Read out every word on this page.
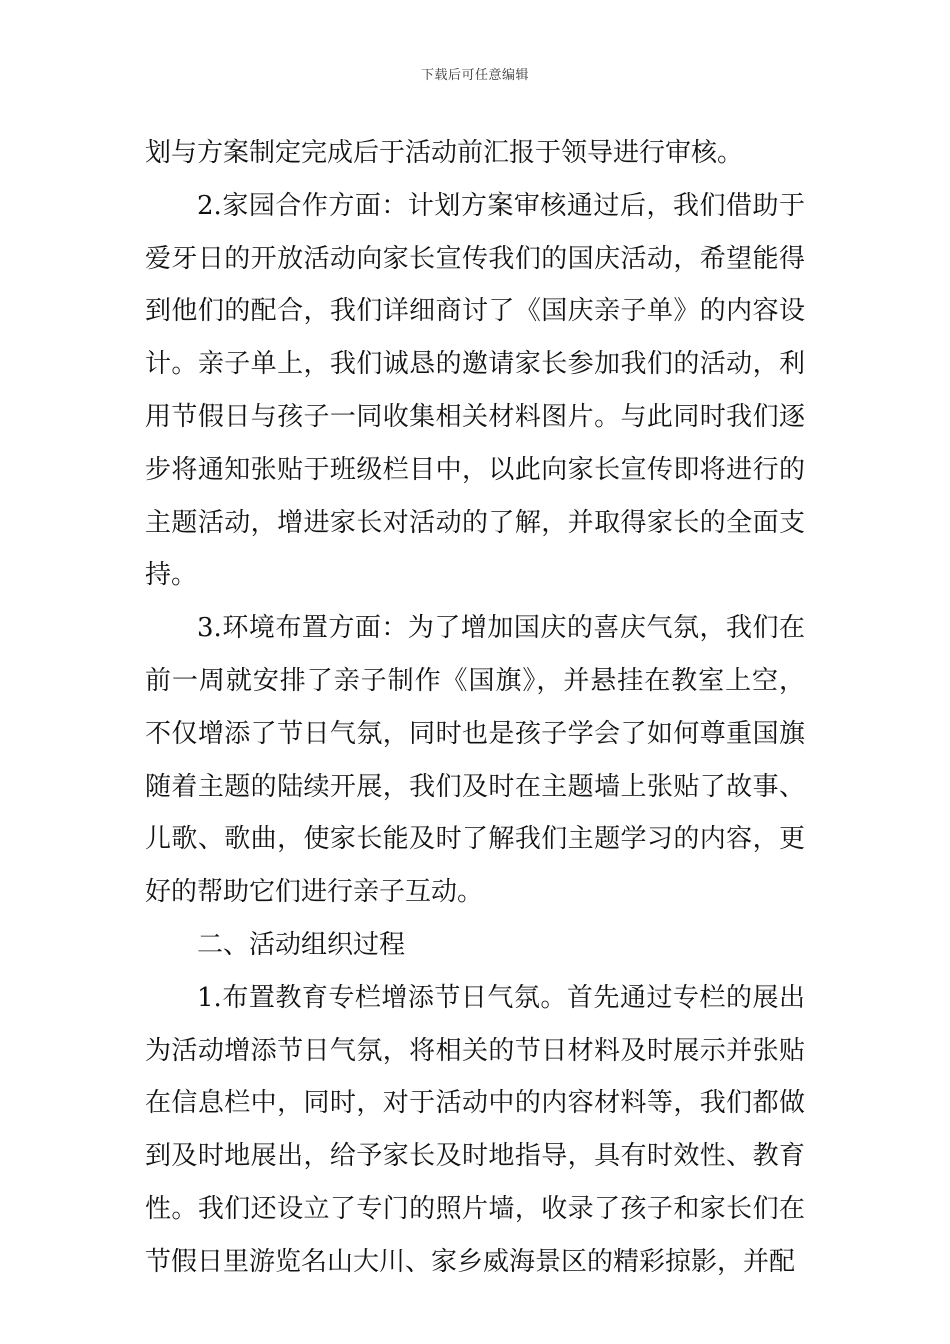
下载后可任意编辑

划与方案制定完成后于活动前汇报于领导进行审核。

2.家园合作方面：计划方案审核通过后，我们借助于爱牙日的开放活动向家长宣传我们的国庆活动，希望能得到他们的配合，我们详细商讨了《国庆亲子单》的内容设计。亲子单上，我们诚恳的邀请家长参加我们的活动，利用节假日与孩子一同收集相关材料图片。与此同时我们逐步将通知张贴于班级栏目中，以此向家长宣传即将进行的主题活动，增进家长对活动的了解，并取得家长的全面支持。

3.环境布置方面：为了增加国庆的喜庆气氛，我们在前一周就安排了亲子制作《国旗》，并悬挂在教室上空，不仅增添了节日气氛，同时也是孩子学会了如何尊重国旗随着主题的陆续开展，我们及时在主题墙上张贴了故事、儿歌、歌曲，使家长能及时了解我们主题学习的内容，更好的帮助它们进行亲子互动。

二、活动组织过程

1.布置教育专栏增添节日气氛。首先通过专栏的展出为活动增添节日气氛，将相关的节日材料及时展示并张贴在信息栏中，同时，对于活动中的内容材料等，我们都做到及时地展出，给予家长及时地指导，具有时效性、教育性。我们还设立了专门的照片墙，收录了孩子和家长们在节假日里游览名山大川、家乡威海景区的精彩掠影，并配
